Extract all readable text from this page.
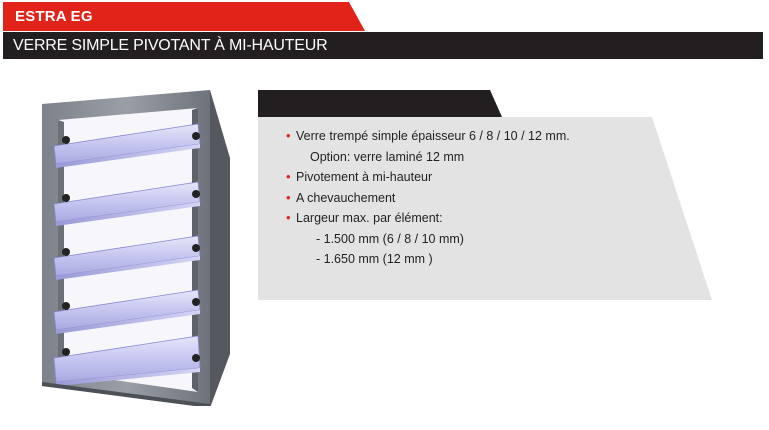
ESTRA EG
VERRE SIMPLE PIVOTANT À MI-HAUTEUR
• Verre trempé simple épaisseur 6 / 8 / 10 / 12 mm.
Option: verre laminé 12 mm
• Pivotement à mi-hauteur
• A chevauchement
• Largeur max. par élément:
- 1.500 mm (6 / 8 / 10 mm)
- 1.650 mm (12 mm )
